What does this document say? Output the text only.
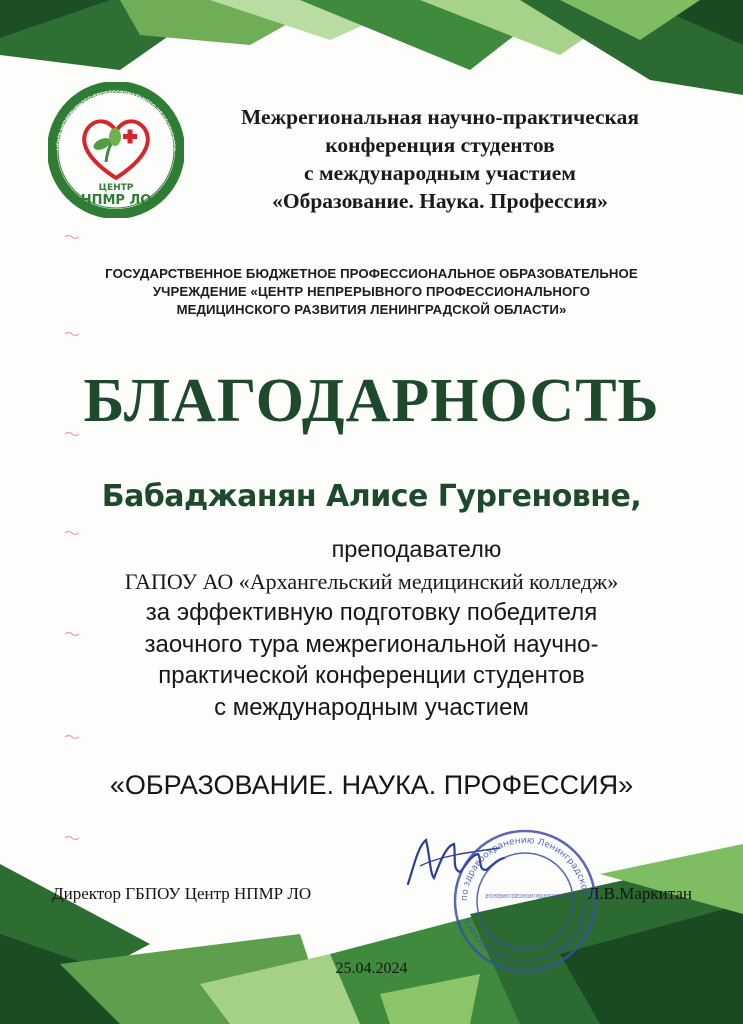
ЦЕНТР НЕПРЕРЫВНОГО ПРОФЕССИОНАЛЬНОГО МЕДИЦИНСКОГО
ЦЕНТР
НПМР ЛО
Межрегиональная научно-практическая
конференция студентов
с международным участием
«Образование. Наука. Профессия»
ГОСУДАРСТВЕННОЕ БЮДЖЕТНОЕ ПРОФЕССИОНАЛЬНОЕ ОБРАЗОВАТЕЛЬНОЕ
УЧРЕЖДЕНИЕ «ЦЕНТР НЕПРЕРЫВНОГО ПРОФЕССИОНАЛЬНОГО
МЕДИЦИНСКОГО РАЗВИТИЯ ЛЕНИНГРАДСКОЙ ОБЛАСТИ»
БЛАГОДАРНОСТЬ
Бабаджанян Алисе Гургеновне,
преподавателю
ГАПОУ АО «Архангельский медицинский колледж»
за эффективную подготовку победителя
заочного тура межрегиональной научно-
практической конференции студентов
с международным участием
«ОБРАЗОВАНИЕ. НАУКА. ПРОФЕССИЯ»
по здравоохранению Ленинградской профессионального медицинского
Центр непрерывного профессионального медицинского развития
Директор ГБПОУ Центр НПМР ЛО	Л.В.Маркитан
25.04.2024
